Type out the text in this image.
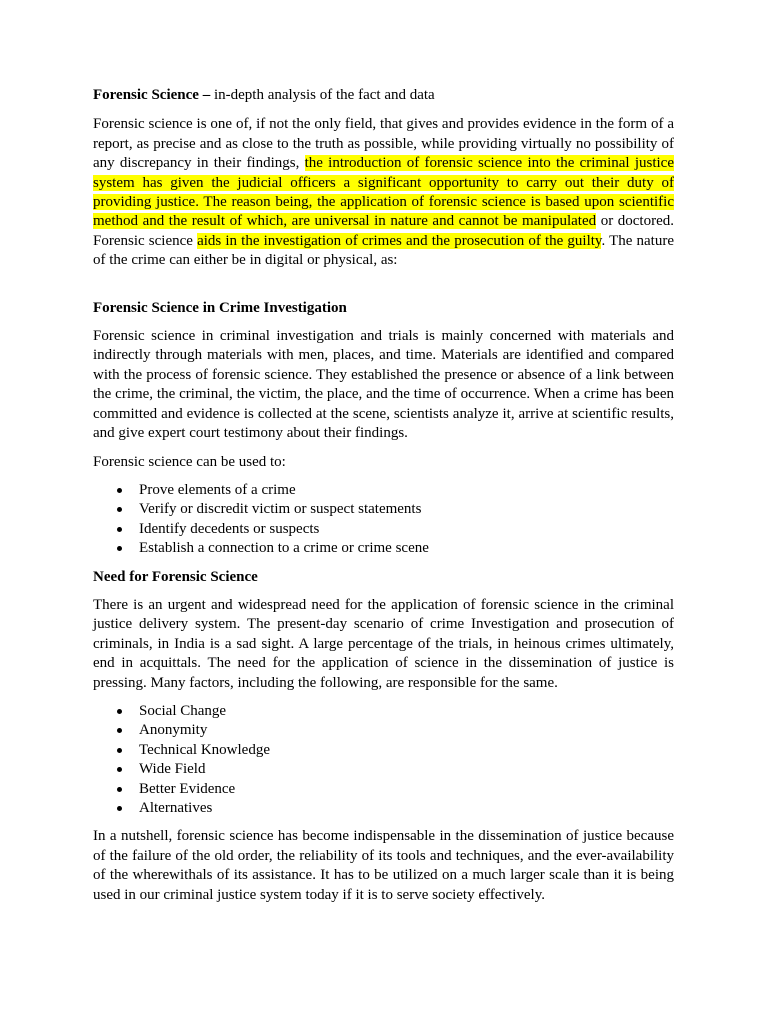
Forensic Science – in-depth analysis of the fact and data

Forensic science is one of, if not the only field, that gives and provides evidence in the form of a report, as precise and as close to the truth as possible, while providing virtually no possibility of any discrepancy in their findings, the introduction of forensic science into the criminal justice system has given the judicial officers a significant opportunity to carry out their duty of providing justice. The reason being, the application of forensic science is based upon scientific method and the result of which, are universal in nature and cannot be manipulated or doctored. Forensic science aids in the investigation of crimes and the prosecution of the guilty. The nature of the crime can either be in digital or physical, as:

Forensic Science in Crime Investigation

Forensic science in criminal investigation and trials is mainly concerned with materials and indirectly through materials with men, places, and time. Materials are identified and compared with the process of forensic science. They established the presence or absence of a link between the crime, the criminal, the victim, the place, and the time of occurrence. When a crime has been committed and evidence is collected at the scene, scientists analyze it, arrive at scientific results, and give expert court testimony about their findings.

Forensic science can be used to:

Prove elements of a crime
Verify or discredit victim or suspect statements
Identify decedents or suspects
Establish a connection to a crime or crime scene

Need for Forensic Science

There is an urgent and widespread need for the application of forensic science in the criminal justice delivery system. The present-day scenario of crime Investigation and prosecution of criminals, in India is a sad sight. A large percentage of the trials, in heinous crimes ultimately, end in acquittals. The need for the application of science in the dissemination of justice is pressing. Many factors, including the following, are responsible for the same.

Social Change
Anonymity
Technical Knowledge
Wide Field
Better Evidence
Alternatives

In a nutshell, forensic science has become indispensable in the dissemination of justice because of the failure of the old order, the reliability of its tools and techniques, and the ever-availability of the wherewithals of its assistance. It has to be utilized on a much larger scale than it is being used in our criminal justice system today if it is to serve society effectively.
